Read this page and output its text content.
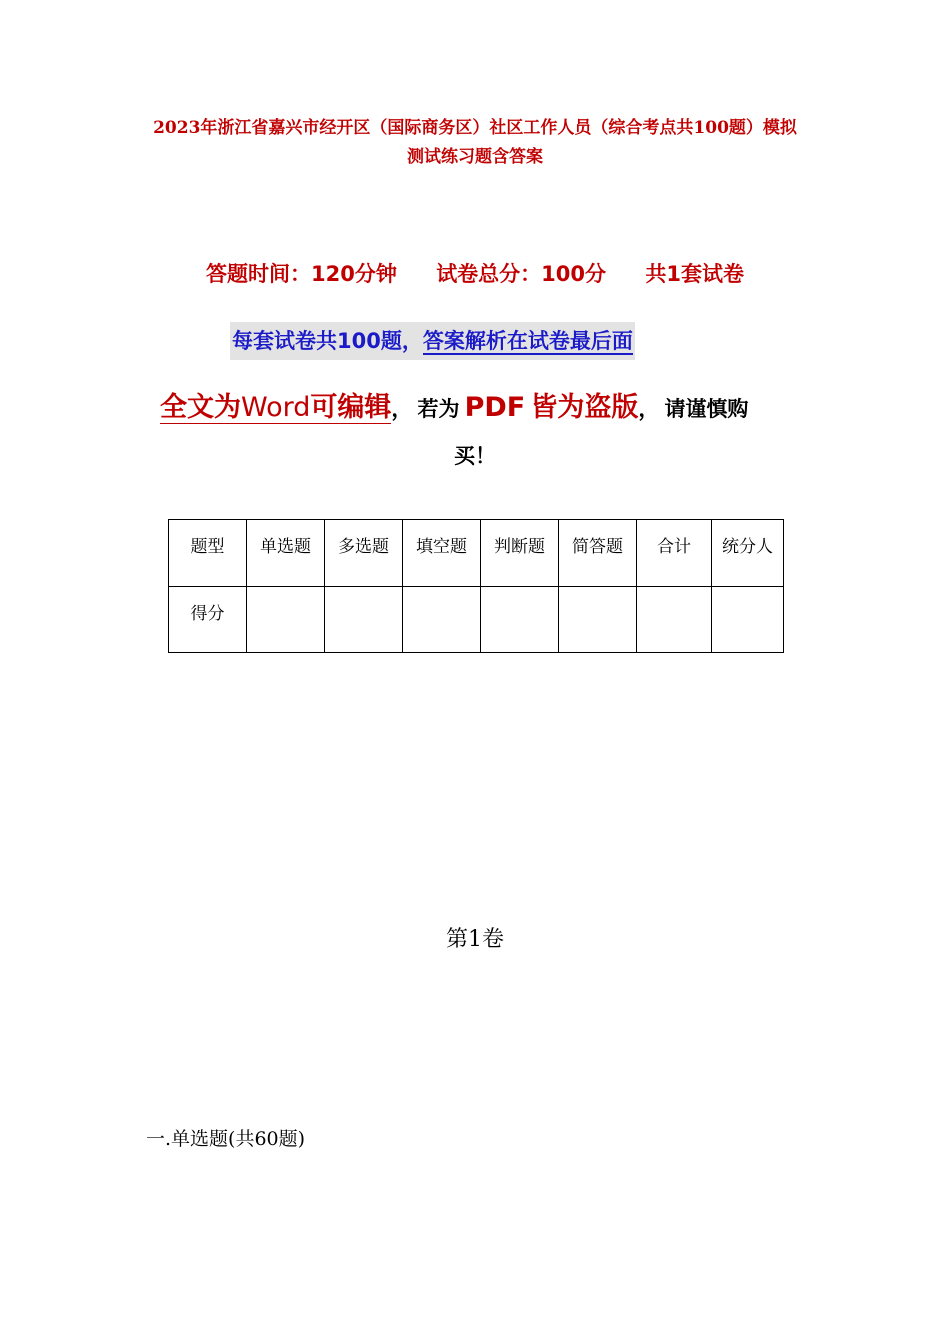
2023年浙江省嘉兴市经开区（国际商务区）社区工作人员（综合考点共100题）模拟测试练习题含答案
答题时间：120分钟 试卷总分：100分 共1套试卷
每套试卷共100题，答案解析在试卷最后面
全文为Word可编辑， 若为 PDF 皆为盗版， 请谨慎购
买！
题型	单选题	多选题	填空题	判断题	简答题	合计	统分人
得分							
第1卷
一.单选题(共60题)
